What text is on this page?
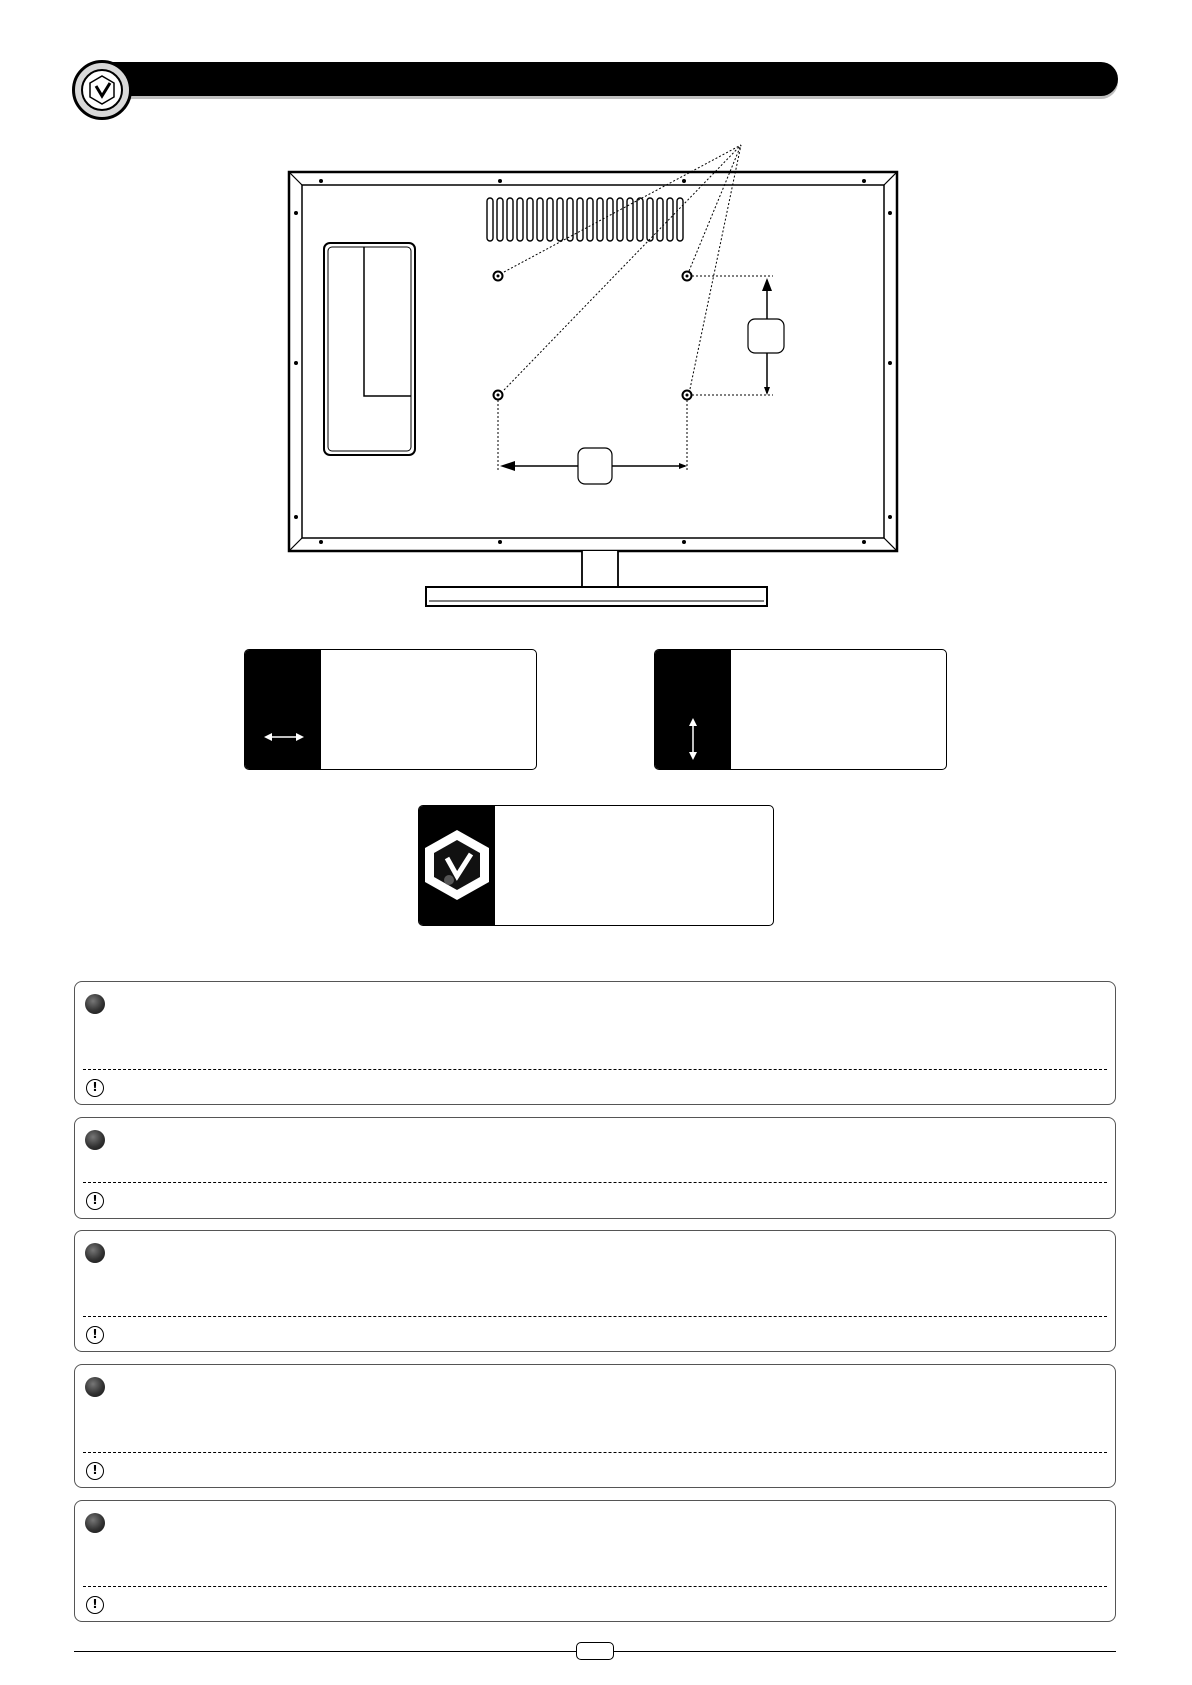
!
!
!
!
!
